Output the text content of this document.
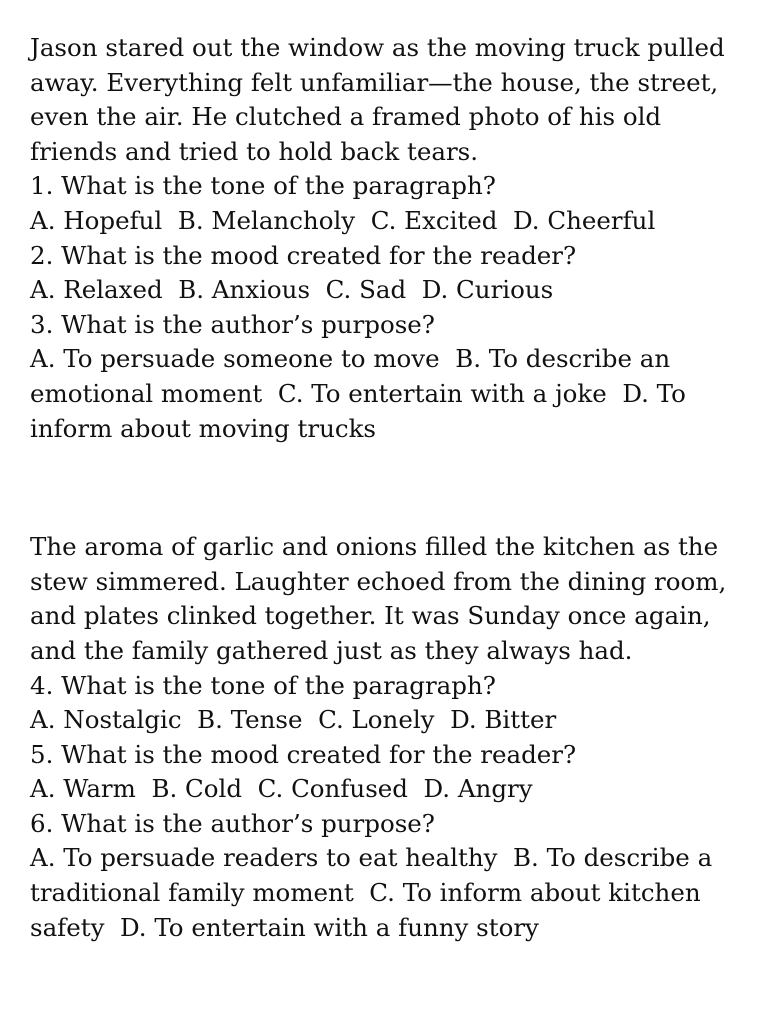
Jason stared out the window as the moving truck pulled
away. Everything felt unfamiliar—the house, the street,
even the air. He clutched a framed photo of his old
friends and tried to hold back tears.
1. What is the tone of the paragraph?
A. Hopeful  B. Melancholy  C. Excited  D. Cheerful
2. What is the mood created for the reader?
A. Relaxed  B. Anxious  C. Sad  D. Curious
3. What is the author’s purpose?
A. To persuade someone to move  B. To describe an
emotional moment  C. To entertain with a joke  D. To
inform about moving trucks
The aroma of garlic and onions filled the kitchen as the
stew simmered. Laughter echoed from the dining room,
and plates clinked together. It was Sunday once again,
and the family gathered just as they always had.
4. What is the tone of the paragraph?
A. Nostalgic  B. Tense  C. Lonely  D. Bitter
5. What is the mood created for the reader?
A. Warm  B. Cold  C. Confused  D. Angry
6. What is the author’s purpose?
A. To persuade readers to eat healthy  B. To describe a
traditional family moment  C. To inform about kitchen
safety  D. To entertain with a funny story
